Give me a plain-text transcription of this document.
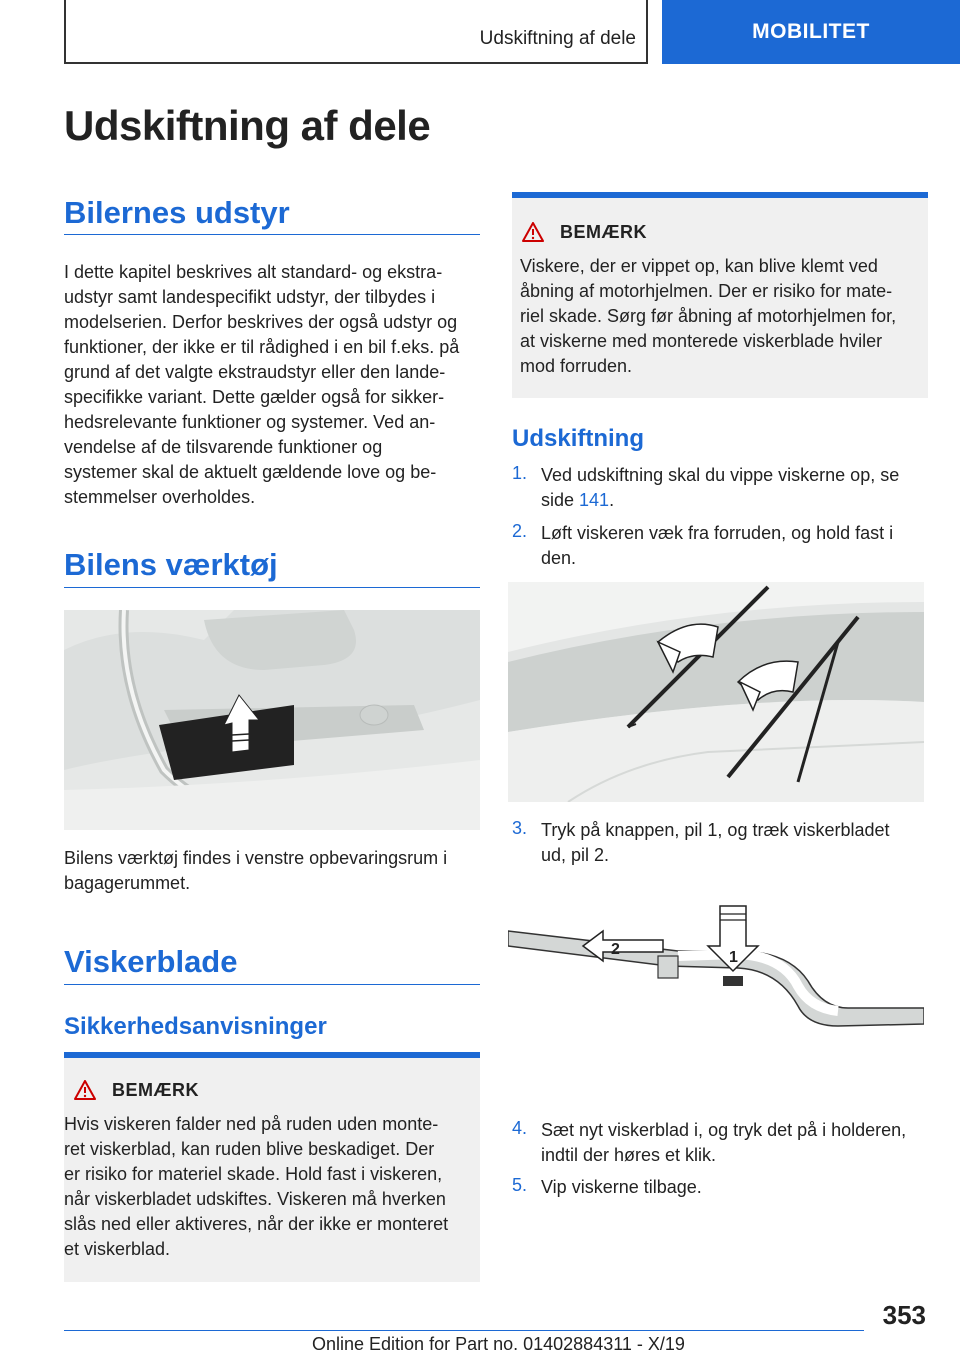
Udskiftning af dele	MOBILITET
Udskiftning af dele
Bilernes udstyr
I dette kapitel beskrives alt standard- og ekstra-
udstyr samt landespecifikt udstyr, der tilbydes i
modelserien. Derfor beskrives der også udstyr og
funktioner, der ikke er til rådighed i en bil f.eks. på
grund af det valgte ekstraudstyr eller den lande-
specifikke variant. Dette gælder også for sikker-
hedsrelevante funktioner og systemer. Ved an-
vendelse af de tilsvarende funktioner og
systemer skal de aktuelt gældende love og be-
stemmelser overholdes.
Bilens værktøj
Bilens værktøj findes i venstre opbevaringsrum i
bagagerummet.
Viskerblade
Sikkerhedsanvisninger
BEMÆRK
Hvis viskeren falder ned på ruden uden monte-
ret viskerblad, kan ruden blive beskadiget. Der
er risiko for materiel skade. Hold fast i viskeren,
når viskerbladet udskiftes. Viskeren må hverken
slås ned eller aktiveres, når der ikke er monteret
et viskerblad.
BEMÆRK
Viskere, der er vippet op, kan blive klemt ved
åbning af motorhjelmen. Der er risiko for mate-
riel skade. Sørg før åbning af motorhjelmen for,
at viskerne med monterede viskerblade hviler
mod forruden.
Udskiftning
1. Ved udskiftning skal du vippe viskerne op, se
side 141.
2. Løft viskeren væk fra forruden, og hold fast i
den.
3. Tryk på knappen, pil 1, og træk viskerbladet
ud, pil 2.
2	1
4. Sæt nyt viskerblad i, og tryk det på i holderen,
indtil der høres et klik.
5. Vip viskerne tilbage.
353
Online Edition for Part no. 01402884311 - X/19
